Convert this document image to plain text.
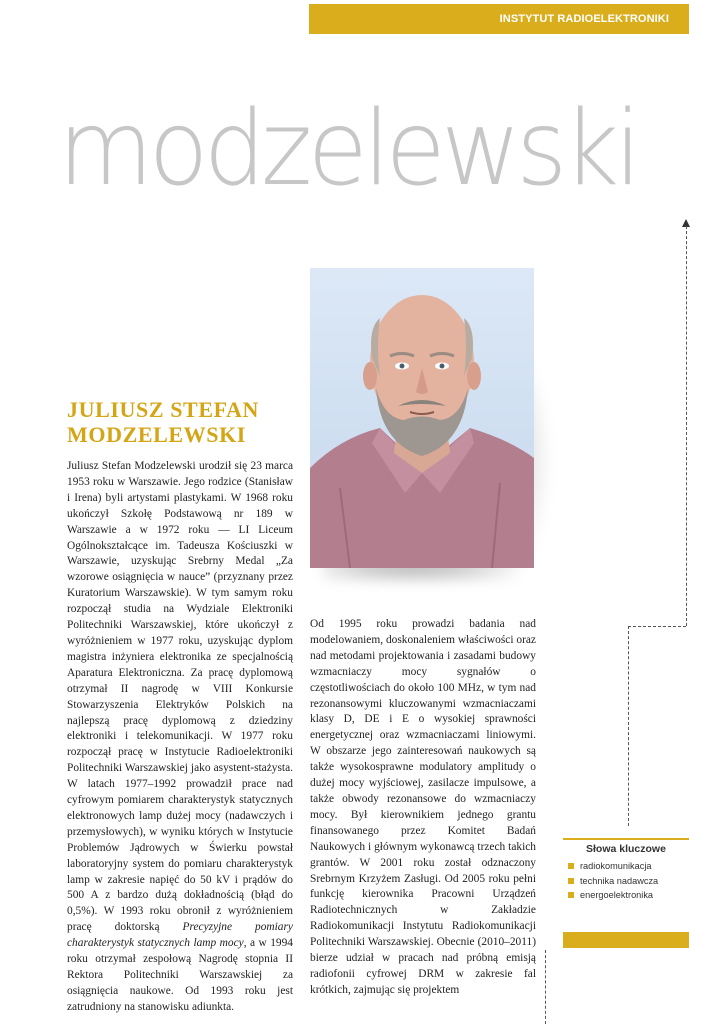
INSTYTUT RADIOELEKTRONIKI
modzelewski
JULIUSZ STEFAN
MODZELEWSKI
Juliusz Stefan Modzelewski urodził się 23 marca 1953 roku w Warszawie. Jego rodzice (Stanisław i Irena) byli artystami plastykami. W 1968 roku ukończył Szkołę Podstawową nr 189 w Warszawie a w 1972 roku — LI Liceum Ogólnokształcące im. Tadeusza Kościuszki w Warszawie, uzyskując Srebrny Medal „Za wzorowe osiągnięcia w nauce” (przyznany przez Kuratorium Warszawskie). W tym samym roku rozpoczął studia na Wydziale Elektroniki Politechniki Warszawskiej, które ukończył z wyróżnieniem w 1977 roku, uzyskując dyplom magistra inżyniera elektronika ze specjalnością Aparatura Elektroniczna. Za pracę dyplomową otrzymał II nagrodę w VIII Konkursie Stowarzyszenia Elektryków Polskich na najlepszą pracę dyplomową z dziedziny elektroniki i telekomunikacji. W 1977 roku rozpoczął pracę w Instytucie Radioelektroniki Politechniki Warszawskiej jako asystent-stażysta. W latach 1977–1992 prowadził prace nad cyfrowym pomiarem charakterystyk statycznych elektronowych lamp dużej mocy (nadawczych i przemysłowych), w wyniku których w Instytucie Problemów Jądrowych w Świerku powstał laboratoryjny system do pomiaru charakterystyk lamp w zakresie napięć do 50 kV i prądów do 500 A z bardzo dużą dokładnością (błąd do 0,5%). W 1993 roku obronił z wyróżnieniem pracę doktorską Precyzyjne pomiary charakterystyk statycznych lamp mocy, a w 1994 roku otrzymał zespołową Nagrodę stopnia II Rektora Politechniki Warszawskiej za osiągnięcia naukowe. Od 1993 roku jest zatrudniony na stanowisku adiunkta.
Od 1995 roku prowadzi badania nad modelowaniem, doskonaleniem właściwości oraz nad metodami projektowania i zasadami budowy wzmacniaczy mocy sygnałów o częstotliwościach do około 100 MHz, w tym nad rezonansowymi kluczowanymi wzmacniaczami klasy D, DE i E o wysokiej sprawności energetycznej oraz wzmacniaczami liniowymi. W obszarze jego zainteresowań naukowych są także wysokosprawne modulatory amplitudy o dużej mocy wyjściowej, zasilacze impulsowe, a także obwody rezonansowe do wzmacniaczy mocy. Był kierownikiem jednego grantu finansowanego przez Komitet Badań Naukowych i głównym wykonawcą trzech takich grantów. W 2001 roku został odznaczony Srebrnym Krzyżem Zasługi. Od 2005 roku pełni funkcję kierownika Pracowni Urządzeń Radiotechnicznych w Zakładzie Radiokomunikacji Instytutu Radiokomunikacji Politechniki Warszawskiej. Obecnie (2010–2011) bierze udział w pracach nad próbną emisją radiofonii cyfrowej DRM w zakresie fal krótkich, zajmując się projektem
Słowa kluczowe
radiokomunikacja
technika nadawcza
energoelektronika
